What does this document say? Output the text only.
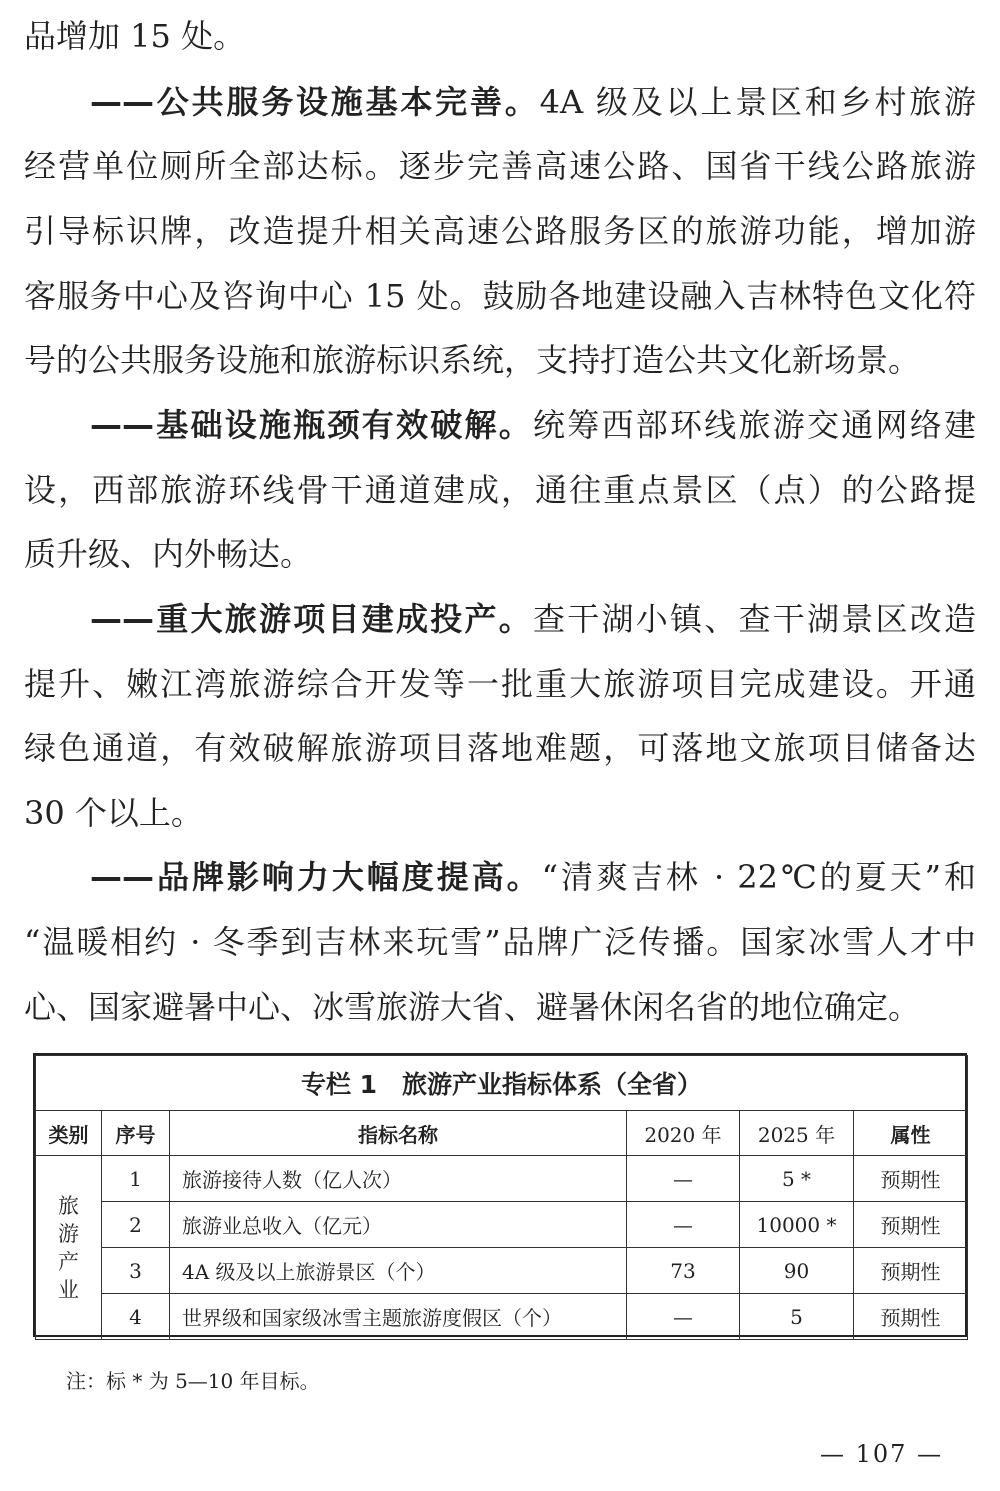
品增加 15 处。
——公共服务设施基本完善。4A 级及以上景区和乡村旅游
经营单位厕所全部达标。逐步完善高速公路、国省干线公路旅游
引导标识牌，改造提升相关高速公路服务区的旅游功能，增加游
客服务中心及咨询中心 15 处。鼓励各地建设融入吉林特色文化符
号的公共服务设施和旅游标识系统，支持打造公共文化新场景。
——基础设施瓶颈有效破解。统筹西部环线旅游交通网络建
设，西部旅游环线骨干通道建成，通往重点景区（点）的公路提
质升级、内外畅达。
——重大旅游项目建成投产。查干湖小镇、查干湖景区改造
提升、嫩江湾旅游综合开发等一批重大旅游项目完成建设。开通
绿色通道，有效破解旅游项目落地难题，可落地文旅项目储备达
30 个以上。
——品牌影响力大幅度提高。“清爽吉林 · 22℃的夏天”和
“温暖相约 · 冬季到吉林来玩雪”品牌广泛传播。国家冰雪人才中
心、国家避暑中心、冰雪旅游大省、避暑休闲名省的地位确定。
专栏 1　旅游产业指标体系（全省）					
类别	序号	指标名称	2020 年	2025 年	属性

旅游产业	1	旅游接待人数（亿人次）	—	5 *	预期性
	2	旅游业总收入（亿元）	—	10000 *	预期性
	3	4A 级及以上旅游景区（个）	73	90	预期性
	4	世界级和国家级冰雪主题旅游度假区（个）	—	5	预期性
注：标 * 为 5—10 年目标。
— 107 —
